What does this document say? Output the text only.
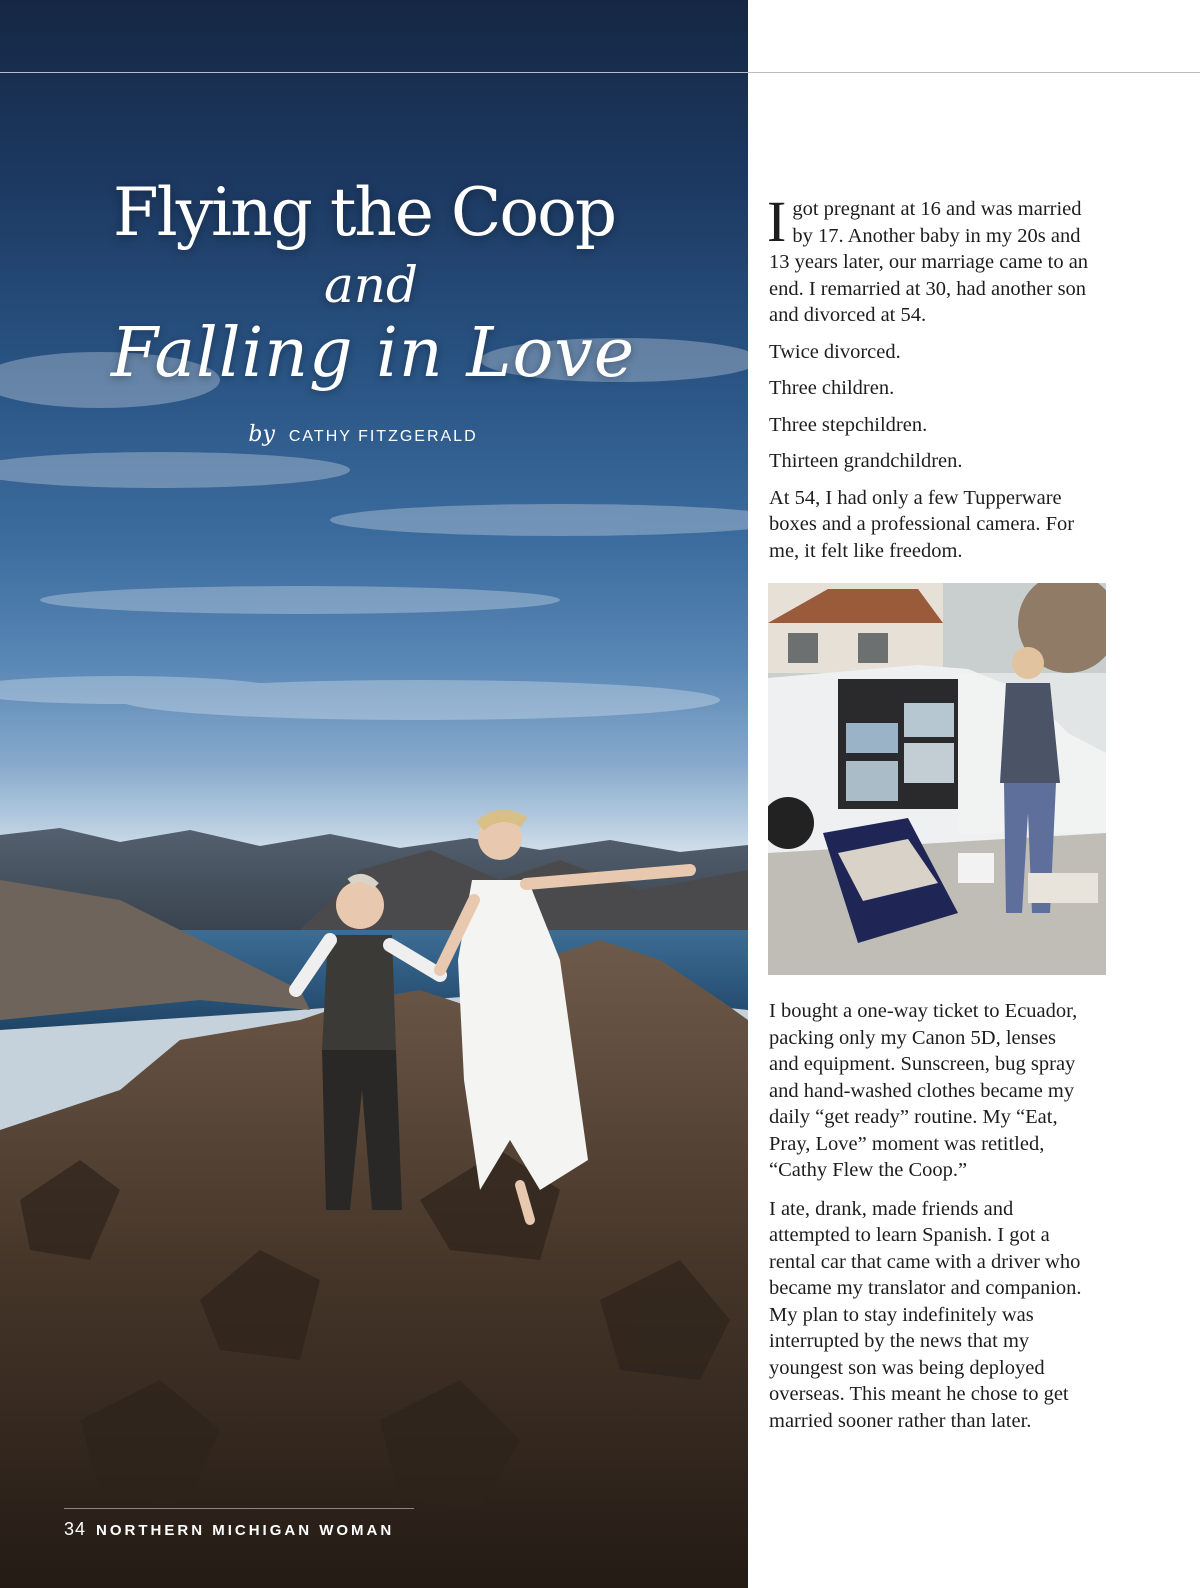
Flying the Coop
and
Falling in Love
by CATHY FITZGERALD
34 NORTHERN MICHIGAN WOMAN

Igot pregnant at 16 and was married by 17. Another baby in my 20s and 13 years later, our marriage came to an end. I remarried at 30, had another son and divorced at 54.

Twice divorced.

Three children.

Three stepchildren.

Thirteen grandchildren.

At 54, I had only a few Tupperware boxes and a professional camera. For me, it felt like freedom.

I bought a one-way ticket to Ecuador, packing only my Canon 5D, lenses and equipment. Sunscreen, bug spray and hand-washed clothes became my daily “get ready” routine. My “Eat, Pray, Love” moment was retitled, “Cathy Flew the Coop.”

I ate, drank, made friends and attempted to learn Spanish. I got a rental car that came with a driver who became my translator and companion. My plan to stay indefinitely was interrupted by the news that my youngest son was being deployed overseas. This meant he chose to get married sooner rather than later.
